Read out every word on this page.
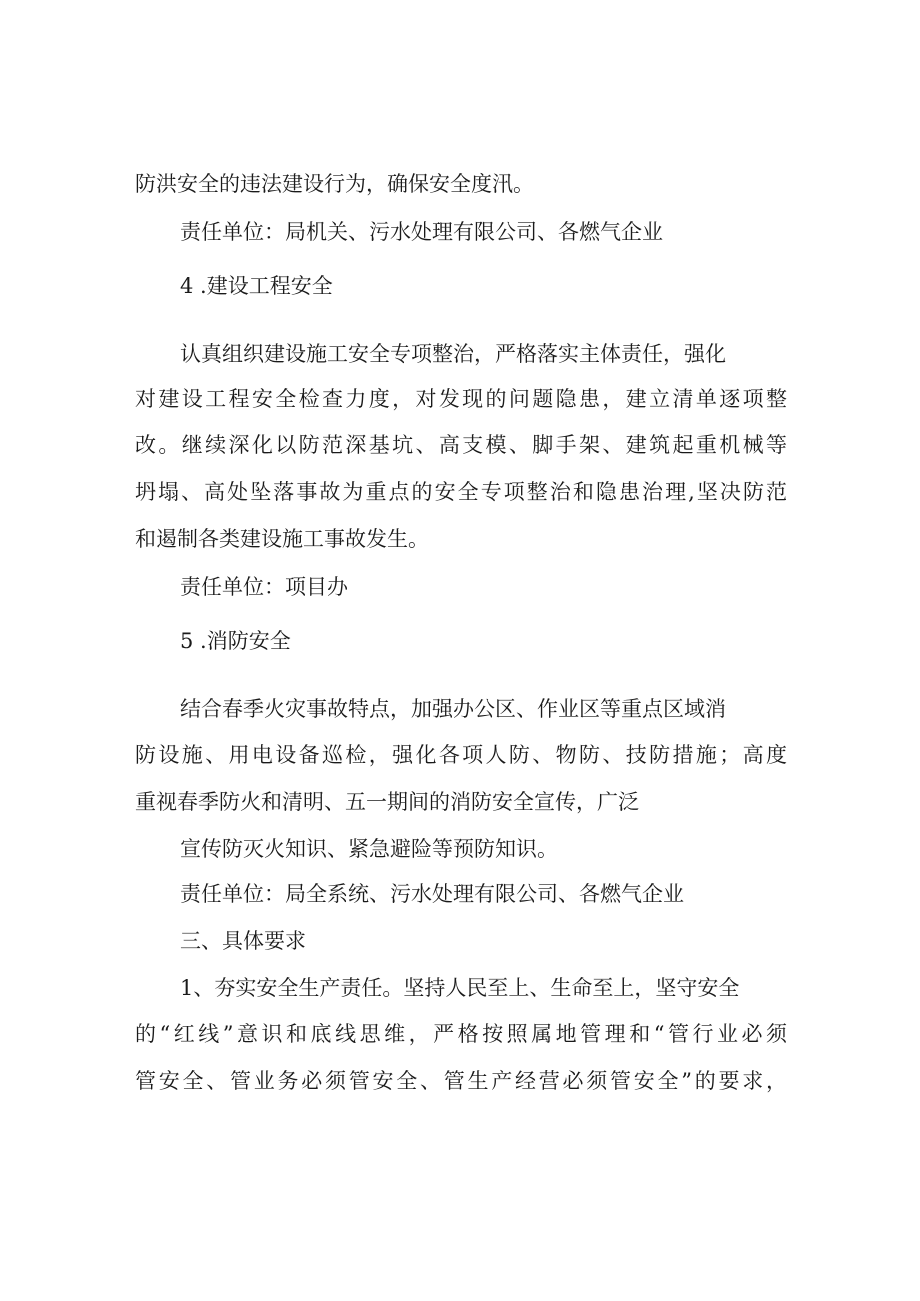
防洪安全的违法建设行为，确保安全度汛。
责任单位：局机关、污水处理有限公司、各燃气企业
4 .建设工程安全
认真组织建设施工安全专项整治，严格落实主体责任，强化
对建设工程安全检查力度，对发现的问题隐患，建立清单逐项整
改。继续深化以防范深基坑、高支模、脚手架、建筑起重机械等
坍塌、高处坠落事故为重点的安全专项整治和隐患治理,坚决防范
和遏制各类建设施工事故发生。
责任单位：项目办
5 .消防安全
结合春季火灾事故特点，加强办公区、作业区等重点区域消
防设施、用电设备巡检，强化各项人防、物防、技防措施；高度
重视春季防火和清明、五一期间的消防安全宣传，广泛
宣传防灭火知识、紧急避险等预防知识。
责任单位：局全系统、污水处理有限公司、各燃气企业
三、具体要求
1、夯实安全生产责任。坚持人民至上、生命至上，坚守安全
的“红线”意识和底线思维，严格按照属地管理和“管行业必须
管安全、管业务必须管安全、管生产经营必须管安全”的要求，
